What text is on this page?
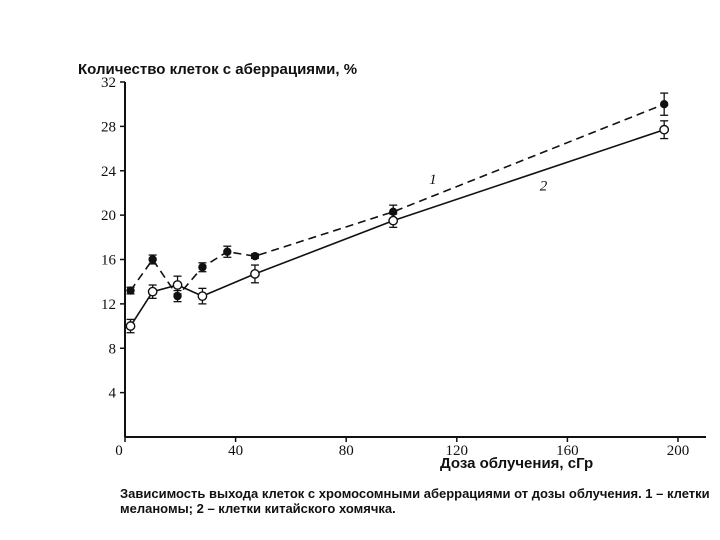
Количество клеток с аберрациями, %
4
8
12
16
20
24
28
32
0	40	80	120	160	200
1	2
Доза облучения, сГр

Зависимость выхода клеток с хромосомными аберрациями от дозы облучения. 1 – клетки меланомы; 2 – клетки китайского хомячка.
